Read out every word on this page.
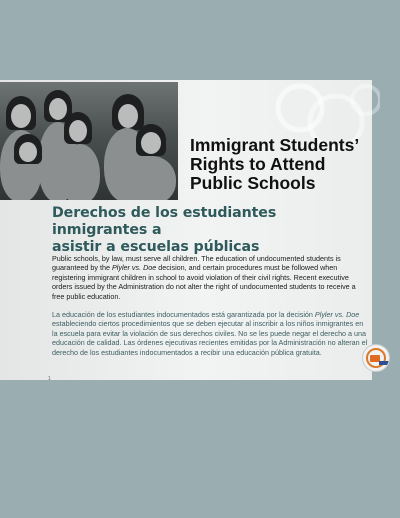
Immigrant Students’
Rights to Attend
Public Schools
Derechos de los estudiantes inmigrantes a
asistir a escuelas públicas

Public schools, by law, must serve all children. The education of undocumented students is guaranteed by the Plyler vs. Doe decision, and certain procedures must be followed when registering immigrant children in school to avoid violation of their civil rights. Recent executive orders issued by the Administration do not alter the right of undocumented students to receive a free public education.

La educación de los estudiantes indocumentados está garantizada por la decisión Plyler vs. Doe estableciendo ciertos procedimientos que se deben ejecutar al inscribir a los niños inmigrantes en la escuela para evitar la violación de sus derechos civiles. No se les puede negar el derecho a una educación de calidad. Las órdenes ejecutivas recientes emitidas por la Administración no alteran el derecho de los estudiantes indocumentados a recibir una educación pública gratuita.

1
